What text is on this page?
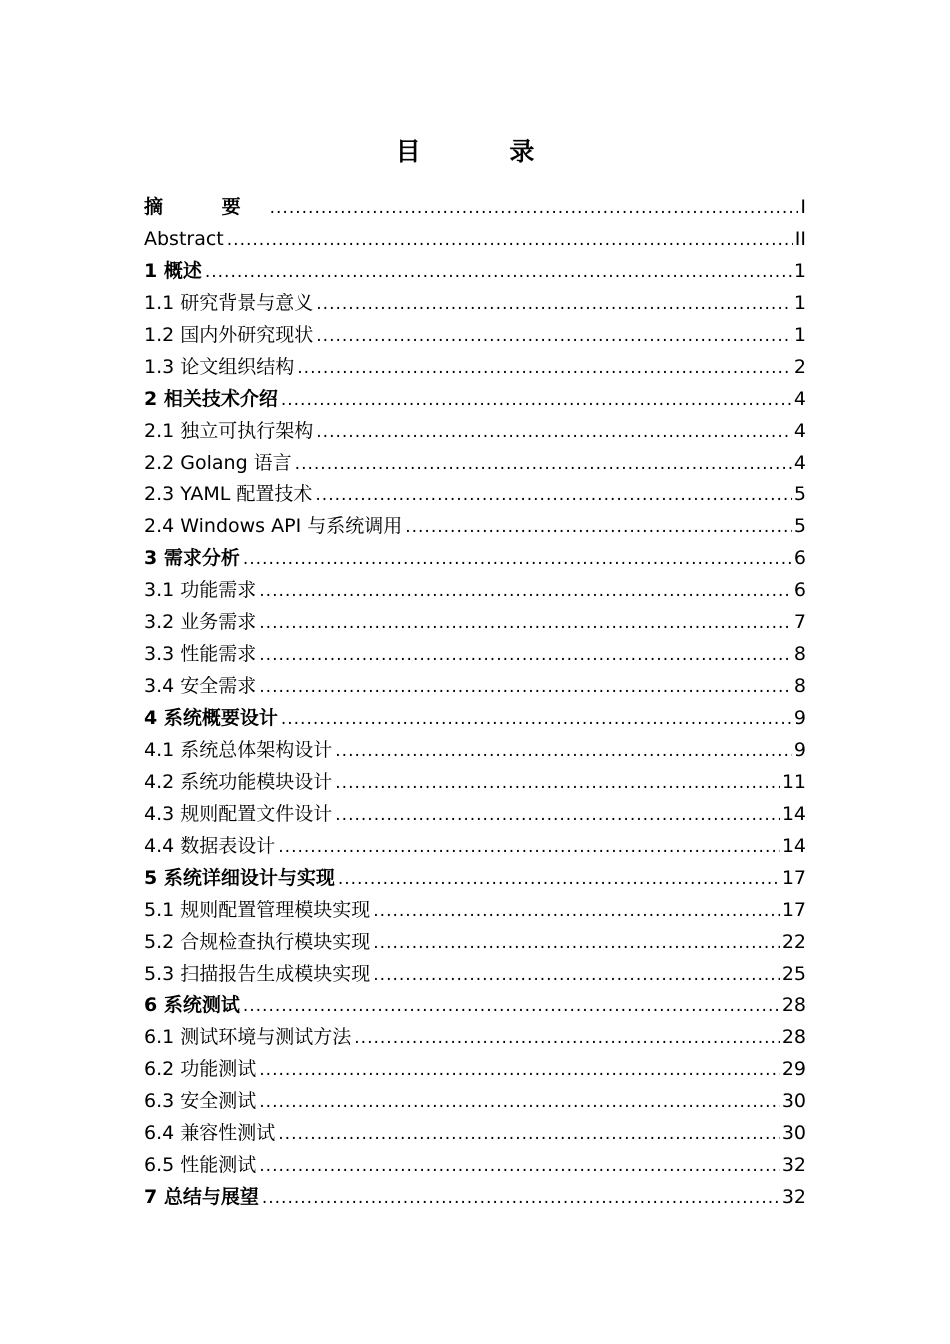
目 录
摘 要 .....	I
Abstract .....	II
1 概述 .....	1
1.1 研究背景与意义 .....	1
1.2 国内外研究现状 .....	1
1.3 论文组织结构 .....	2
2 相关技术介绍 .....	4
2.1 独立可执行架构 .....	4
2.2 Golang 语言 .....	4
2.3 YAML 配置技术 .....	5
2.4 Windows API 与系统调用 .....	5
3 需求分析 .....	6
3.1 功能需求 .....	6
3.2 业务需求 .....	7
3.3 性能需求 .....	8
3.4 安全需求 .....	8
4 系统概要设计 .....	9
4.1 系统总体架构设计 .....	9
4.2 系统功能模块设计 .....	11
4.3 规则配置文件设计 .....	14
4.4 数据表设计 .....	14
5 系统详细设计与实现 .....	17
5.1 规则配置管理模块实现 .....	17
5.2 合规检查执行模块实现 .....	22
5.3 扫描报告生成模块实现 .....	25
6 系统测试 .....	28
6.1 测试环境与测试方法 .....	28
6.2 功能测试 .....	29
6.3 安全测试 .....	30
6.4 兼容性测试 .....	30
6.5 性能测试 .....	32
7 总结与展望 .....	32
